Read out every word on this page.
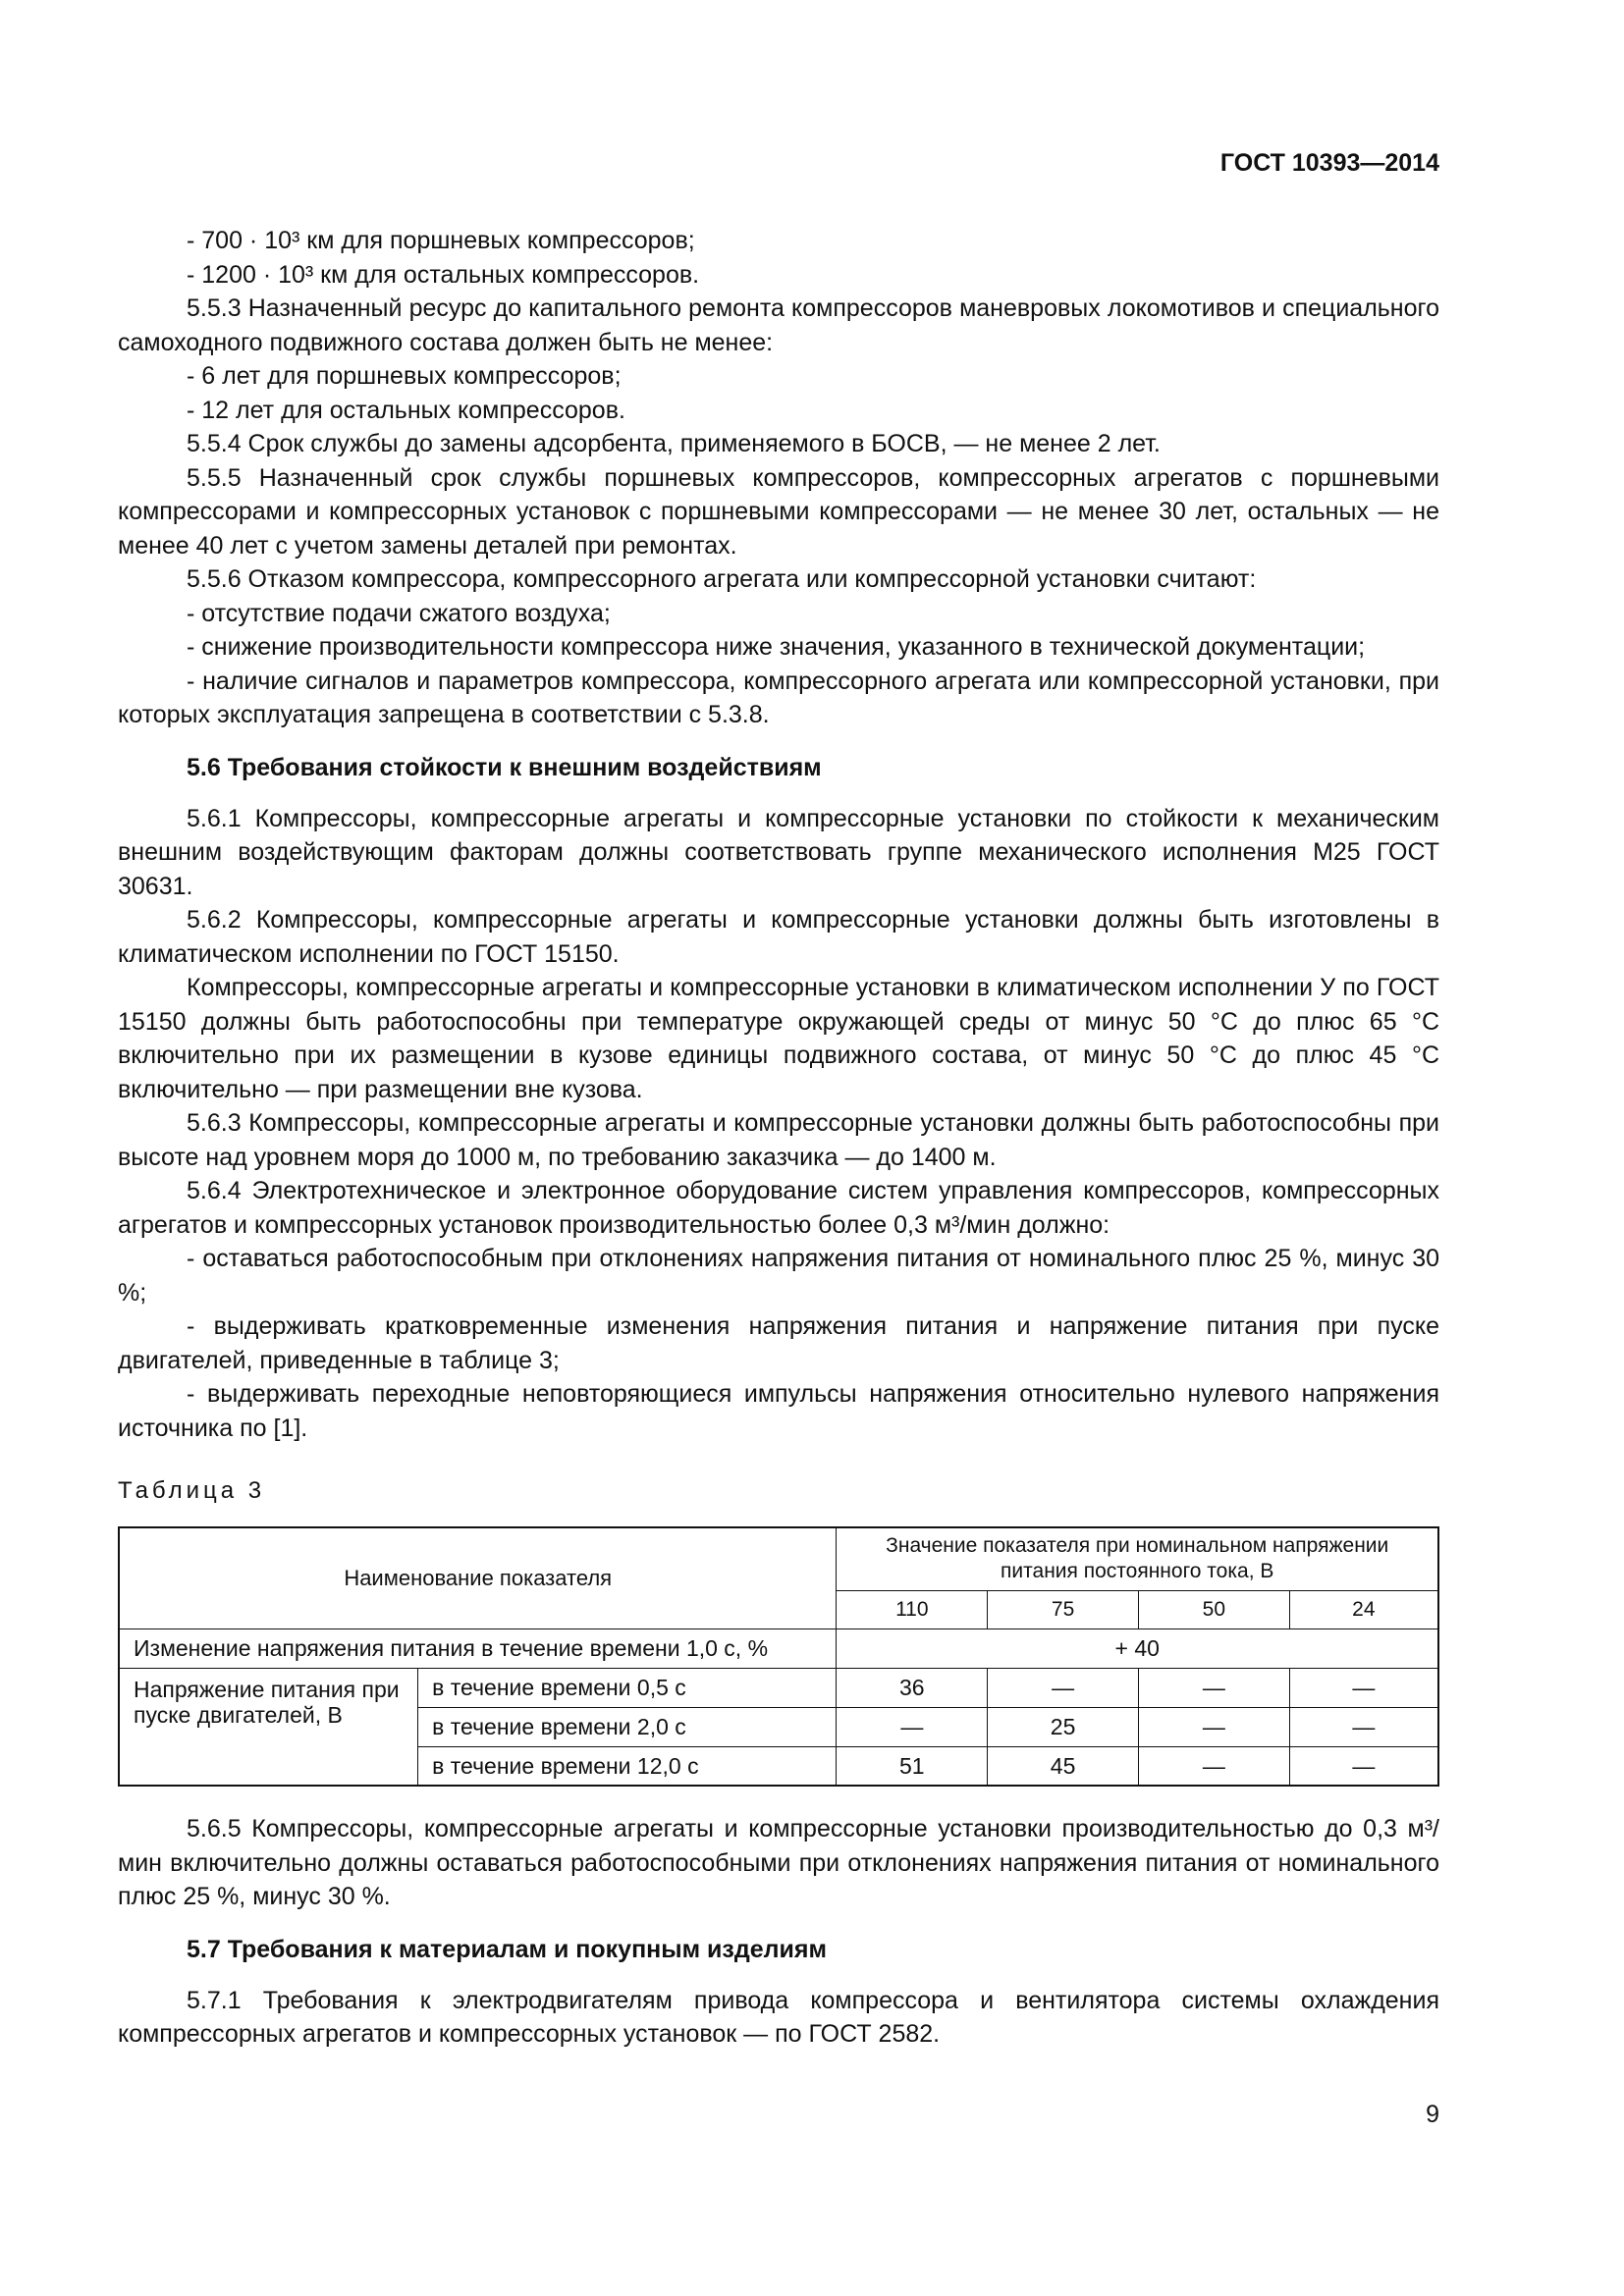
ГОСТ 10393—2014

- 700 · 10³ км для поршневых компрессоров;

- 1200 · 10³ км для остальных компрессоров.

5.5.3 Назначенный ресурс до капитального ремонта компрессоров маневровых локомотивов и специального самоходного подвижного состава должен быть не менее:

- 6 лет для поршневых компрессоров;

- 12 лет для остальных компрессоров.

5.5.4 Срок службы до замены адсорбента, применяемого в БОСВ, — не менее 2 лет.

5.5.5 Назначенный срок службы поршневых компрессоров, компрессорных агрегатов с поршневыми компрессорами и компрессорных установок с поршневыми компрессорами — не менее 30 лет, остальных — не менее 40 лет с учетом замены деталей при ремонтах.

5.5.6 Отказом компрессора, компрессорного агрегата или компрессорной установки считают:

- отсутствие подачи сжатого воздуха;

- снижение производительности компрессора ниже значения, указанного в технической документации;

- наличие сигналов и параметров компрессора, компрессорного агрегата или компрессорной установки, при которых эксплуатация запрещена в соответствии с 5.3.8.

5.6 Требования стойкости к внешним воздействиям

5.6.1 Компрессоры, компрессорные агрегаты и компрессорные установки по стойкости к механическим внешним воздействующим факторам должны соответствовать группе механического исполнения М25 ГОСТ 30631.

5.6.2 Компрессоры, компрессорные агрегаты и компрессорные установки должны быть изготовлены в климатическом исполнении по ГОСТ 15150.

Компрессоры, компрессорные агрегаты и компрессорные установки в климатическом исполнении У по ГОСТ 15150 должны быть работоспособны при температуре окружающей среды от минус 50 °С до плюс 65 °С включительно при их размещении в кузове единицы подвижного состава, от минус 50 °С до плюс 45 °С включительно — при размещении вне кузова.

5.6.3 Компрессоры, компрессорные агрегаты и компрессорные установки должны быть работоспособны при высоте над уровнем моря до 1000 м, по требованию заказчика — до 1400 м.

5.6.4 Электротехническое и электронное оборудование систем управления компрессоров, компрессорных агрегатов и компрессорных установок производительностью более 0,3 м³/мин должно:

- оставаться работоспособным при отклонениях напряжения питания от номинального плюс 25 %, минус 30 %;

- выдерживать кратковременные изменения напряжения питания и напряжение питания при пуске двигателей, приведенные в таблице 3;

- выдерживать переходные неповторяющиеся импульсы напряжения относительно нулевого напряжения источника по [1].

Таблица 3
Наименование показателя		Значение показателя при номинальном напряжении питания постоянного тока, В			
		110	75	50	24
Изменение напряжения питания в течение времени 1,0 с, %		+ 40			
Напряжение питания при пуске двигателей, В	в течение времени 0,5 с	36	—	—	—
	в течение времени 2,0 с	—	25	—	—
	в течение времени 12,0 с	51	45	—	—

5.6.5 Компрессоры, компрессорные агрегаты и компрессорные установки производительностью до 0,3 м³/мин включительно должны оставаться работоспособными при отклонениях напряжения питания от номинального плюс 25 %, минус 30 %.

5.7 Требования к материалам и покупным изделиям

5.7.1 Требования к электродвигателям привода компрессора и вентилятора системы охлаждения компрессорных агрегатов и компрессорных установок — по ГОСТ 2582.

9
